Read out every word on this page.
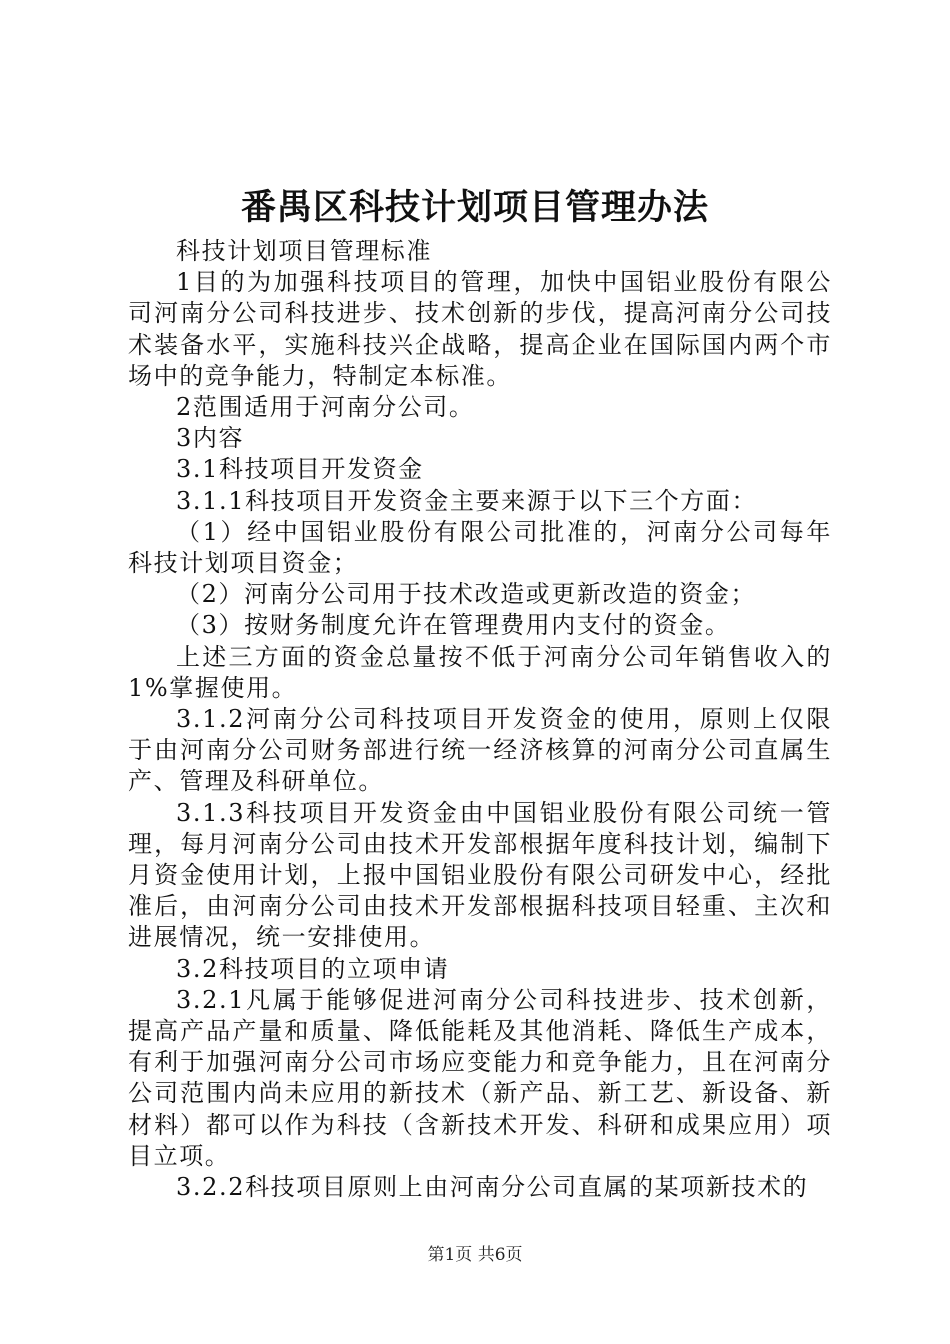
番禺区科技计划项目管理办法

科技计划项目管理标准

1目的为加强科技项目的管理，加快中国铝业股份有限公司河南分公司科技进步、技术创新的步伐，提高河南分公司技术装备水平，实施科技兴企战略，提高企业在国际国内两个市场中的竞争能力，特制定本标准。

2范围适用于河南分公司。

3内容

3.1科技项目开发资金

3.1.1科技项目开发资金主要来源于以下三个方面：

（1）经中国铝业股份有限公司批准的，河南分公司每年科技计划项目资金；

（2）河南分公司用于技术改造或更新改造的资金；

（3）按财务制度允许在管理费用内支付的资金。

上述三方面的资金总量按不低于河南分公司年销售收入的1%掌握使用。

3.1.2河南分公司科技项目开发资金的使用，原则上仅限于由河南分公司财务部进行统一经济核算的河南分公司直属生产、管理及科研单位。

3.1.3科技项目开发资金由中国铝业股份有限公司统一管理，每月河南分公司由技术开发部根据年度科技计划，编制下月资金使用计划，上报中国铝业股份有限公司研发中心，经批准后，由河南分公司由技术开发部根据科技项目轻重、主次和进展情况，统一安排使用。

3.2科技项目的立项申请

3.2.1凡属于能够促进河南分公司科技进步、技术创新，提高产品产量和质量、降低能耗及其他消耗、降低生产成本，有利于加强河南分公司市场应变能力和竞争能力，且在河南分公司范围内尚未应用的新技术（新产品、新工艺、新设备、新材料）都可以作为科技（含新技术开发、科研和成果应用）项目立项。

3.2.2科技项目原则上由河南分公司直属的某项新技术的

第1页 共6页
